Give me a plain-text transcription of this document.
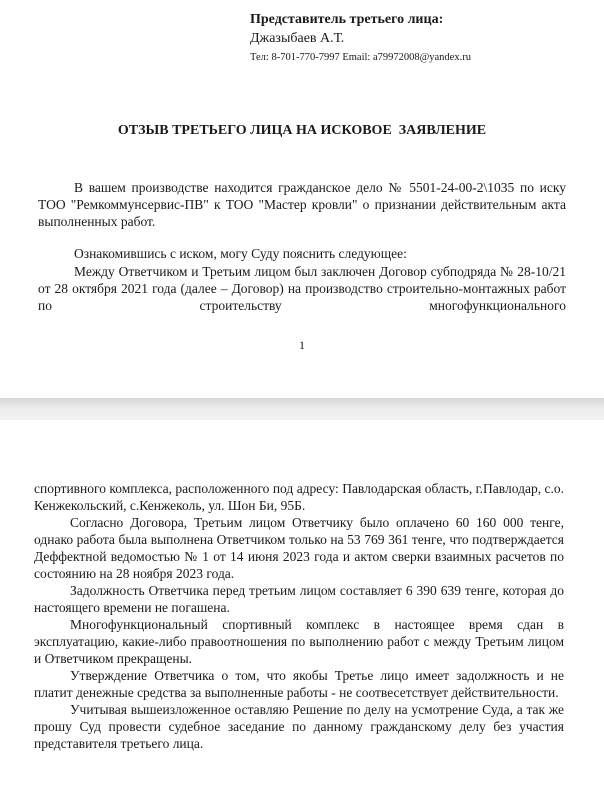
Представитель третьего лица:
Джазыбаев А.Т.
Тел: 8-701-770-7997 Email: a79972008@yandex.ru
ОТЗЫВ ТРЕТЬЕГО ЛИЦА НА ИСКОВОЕ  ЗАЯВЛЕНИЕ

В вашем производстве находится гражданское дело № 5501-24-00-2\1035 по иску ТОО "Ремкоммунсервис-ПВ" к ТОО "Мастер кровли" о признании действительным акта выполненных работ.

Ознакомившись с иском, могу Суду пояснить следующее:

Между Ответчиком и Третьим лицом был заключен Договор субподряда № 28-10/21 от 28 октября 2021 года (далее – Договор) на производство строительно-монтажных работ по строительству многофункционального

1

спортивного комплекса, расположенного под адресу: Павлодарская область, г.Павлодар, с.о. Кенжекольский, с.Кенжеколь, ул. Шон Би, 95Б.

Согласно Договора, Третьим лицом Ответчику было оплачено 60 160 000 тенге, однако работа была выполнена Ответчиком только на 53 769 361 тенге, что подтверждается Деффектной ведомостью № 1 от 14 июня 2023 года и актом сверки взаимных расчетов по состоянию на 28 ноября 2023 года.

Задолжность Ответчика перед третьим лицом составляет 6 390 639 тенге, которая до настоящего времени не погашена.

Многофункциональный спортивный комплекс в настоящее время сдан в эксплуатацию, какие-либо правоотношения по выполнению работ с между Третьим лицом и Ответчиком прекращены.

Утверждение Ответчика о том, что якобы Третье лицо имеет задолжность и не платит денежные средства за выполненные работы - не соотвесетствует действительности.

Учитывая вышеизложенное оставляю Решение по делу на усмотрение Суда, а так же прошу Суд провести судебное заседание по данному гражданскому делу без участия представителя третьего лица.
